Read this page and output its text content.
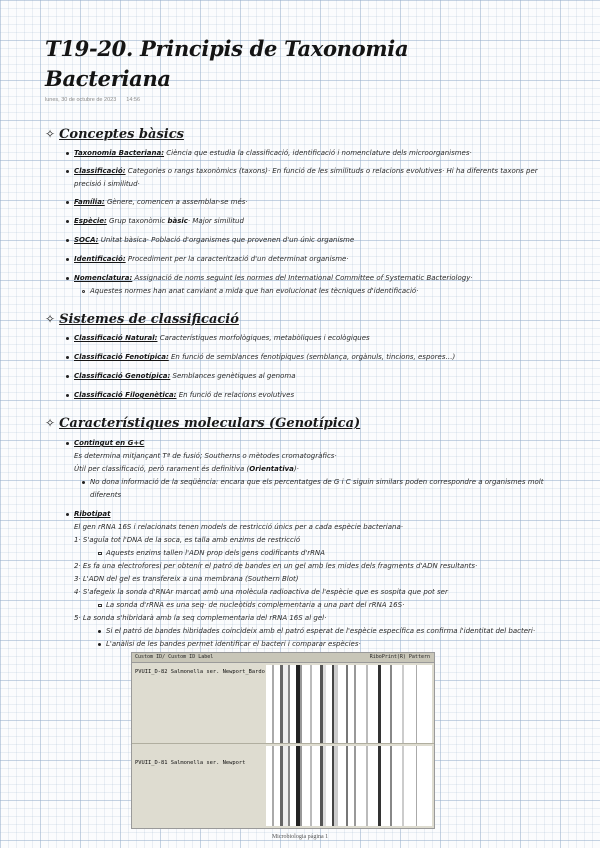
T19-20. Principis de Taxonomia
Bacteriana
lunes, 30 de octubre de 2023 14:56
✧ Conceptes bàsics
Taxonomia Bacteriana: Ciència que estudia la classificació, identificació i nomenclature dels microorganismes·
Classificació: Categories o rangs taxonòmics (taxons)· En funció de les similituds o relacions evolutives· Hi ha diferents taxons per
precisió i similitud·
Família: Gènere, comencen a assemblar-se més·
Espècie: Grup taxonòmic bàsic· Major similitud
SOCA: Unitat bàsica· Població d'organismes que provenen d'un únic organisme
Identificació: Procediment per la caracterització d'un determinat organisme·
Nomenclatura: Assignació de noms seguint les normes del International Committee of Systematic Bacteriology·
Aquestes normes han anat canviant a mida que han evolucionat les tècniques d'identificació·
✧ Sistemes de classificació
Classificació Natural: Característiques morfològiques, metabòliques i ecològiques
Classificació Fenotípica: En funció de semblances fenotípiques (semblança, orgànuls, tincions, espores…)
Classificació Genotípica: Semblances genètiques al genoma
Classificació Filogenètica: En funció de relacions evolutives
✧ Característiques moleculars (Genotípica)
Contingut en G+C
Es determina mitjançant Tª de fusió; Southerns o mètodes cromatogràfics·
Útil per classificació, però rarament és definitiva (Orientativa)·
No dona informació de la seqüència: encara que els percentatges de G i C siguin similars poden correspondre a organismes molt
diferents
Ribotipat
El gen rRNA 16S i relacionats tenen models de restricció únics per a cada espècie bacteriana·
1· S'aguïa tot l'DNA de la soca, es talla amb enzims de restricció
Aquests enzims tallen l'ADN prop dels gens codificants d'rRNA
2· Es fa una electroforesi per obtenir el patró de bandes en un gel amb les mides dels fragments d'ADN resultants·
3· L'ADN del gel es transfereix a una membrana (Southern Blot)
4· S'afegeix la sonda d'RNAr marcat amb una molècula radioactiva de l'espècie que es sospita que pot ser
La sonda d'rRNA es una seq· de nucleòtids complementaria a una part del rRNA 16S·
5· La sonda s'hibridarà amb la seq complementaria del rRNA 16S al gel·
Si el patró de bandes hibridades coincideix amb el patró esperat de l'espècie específica es confirma l'identitat del bacteri·
L'anàlisi de les bandes permet identificar el bacteri i comparar espècies·
Custom ID/ Custom ID Label	RiboPrint(R) Pattern
PVUII_D-82 Salmonella ser. Newport_Bardo
PVUII_D-81 Salmonella ser. Newport
Microbiologia página 1
